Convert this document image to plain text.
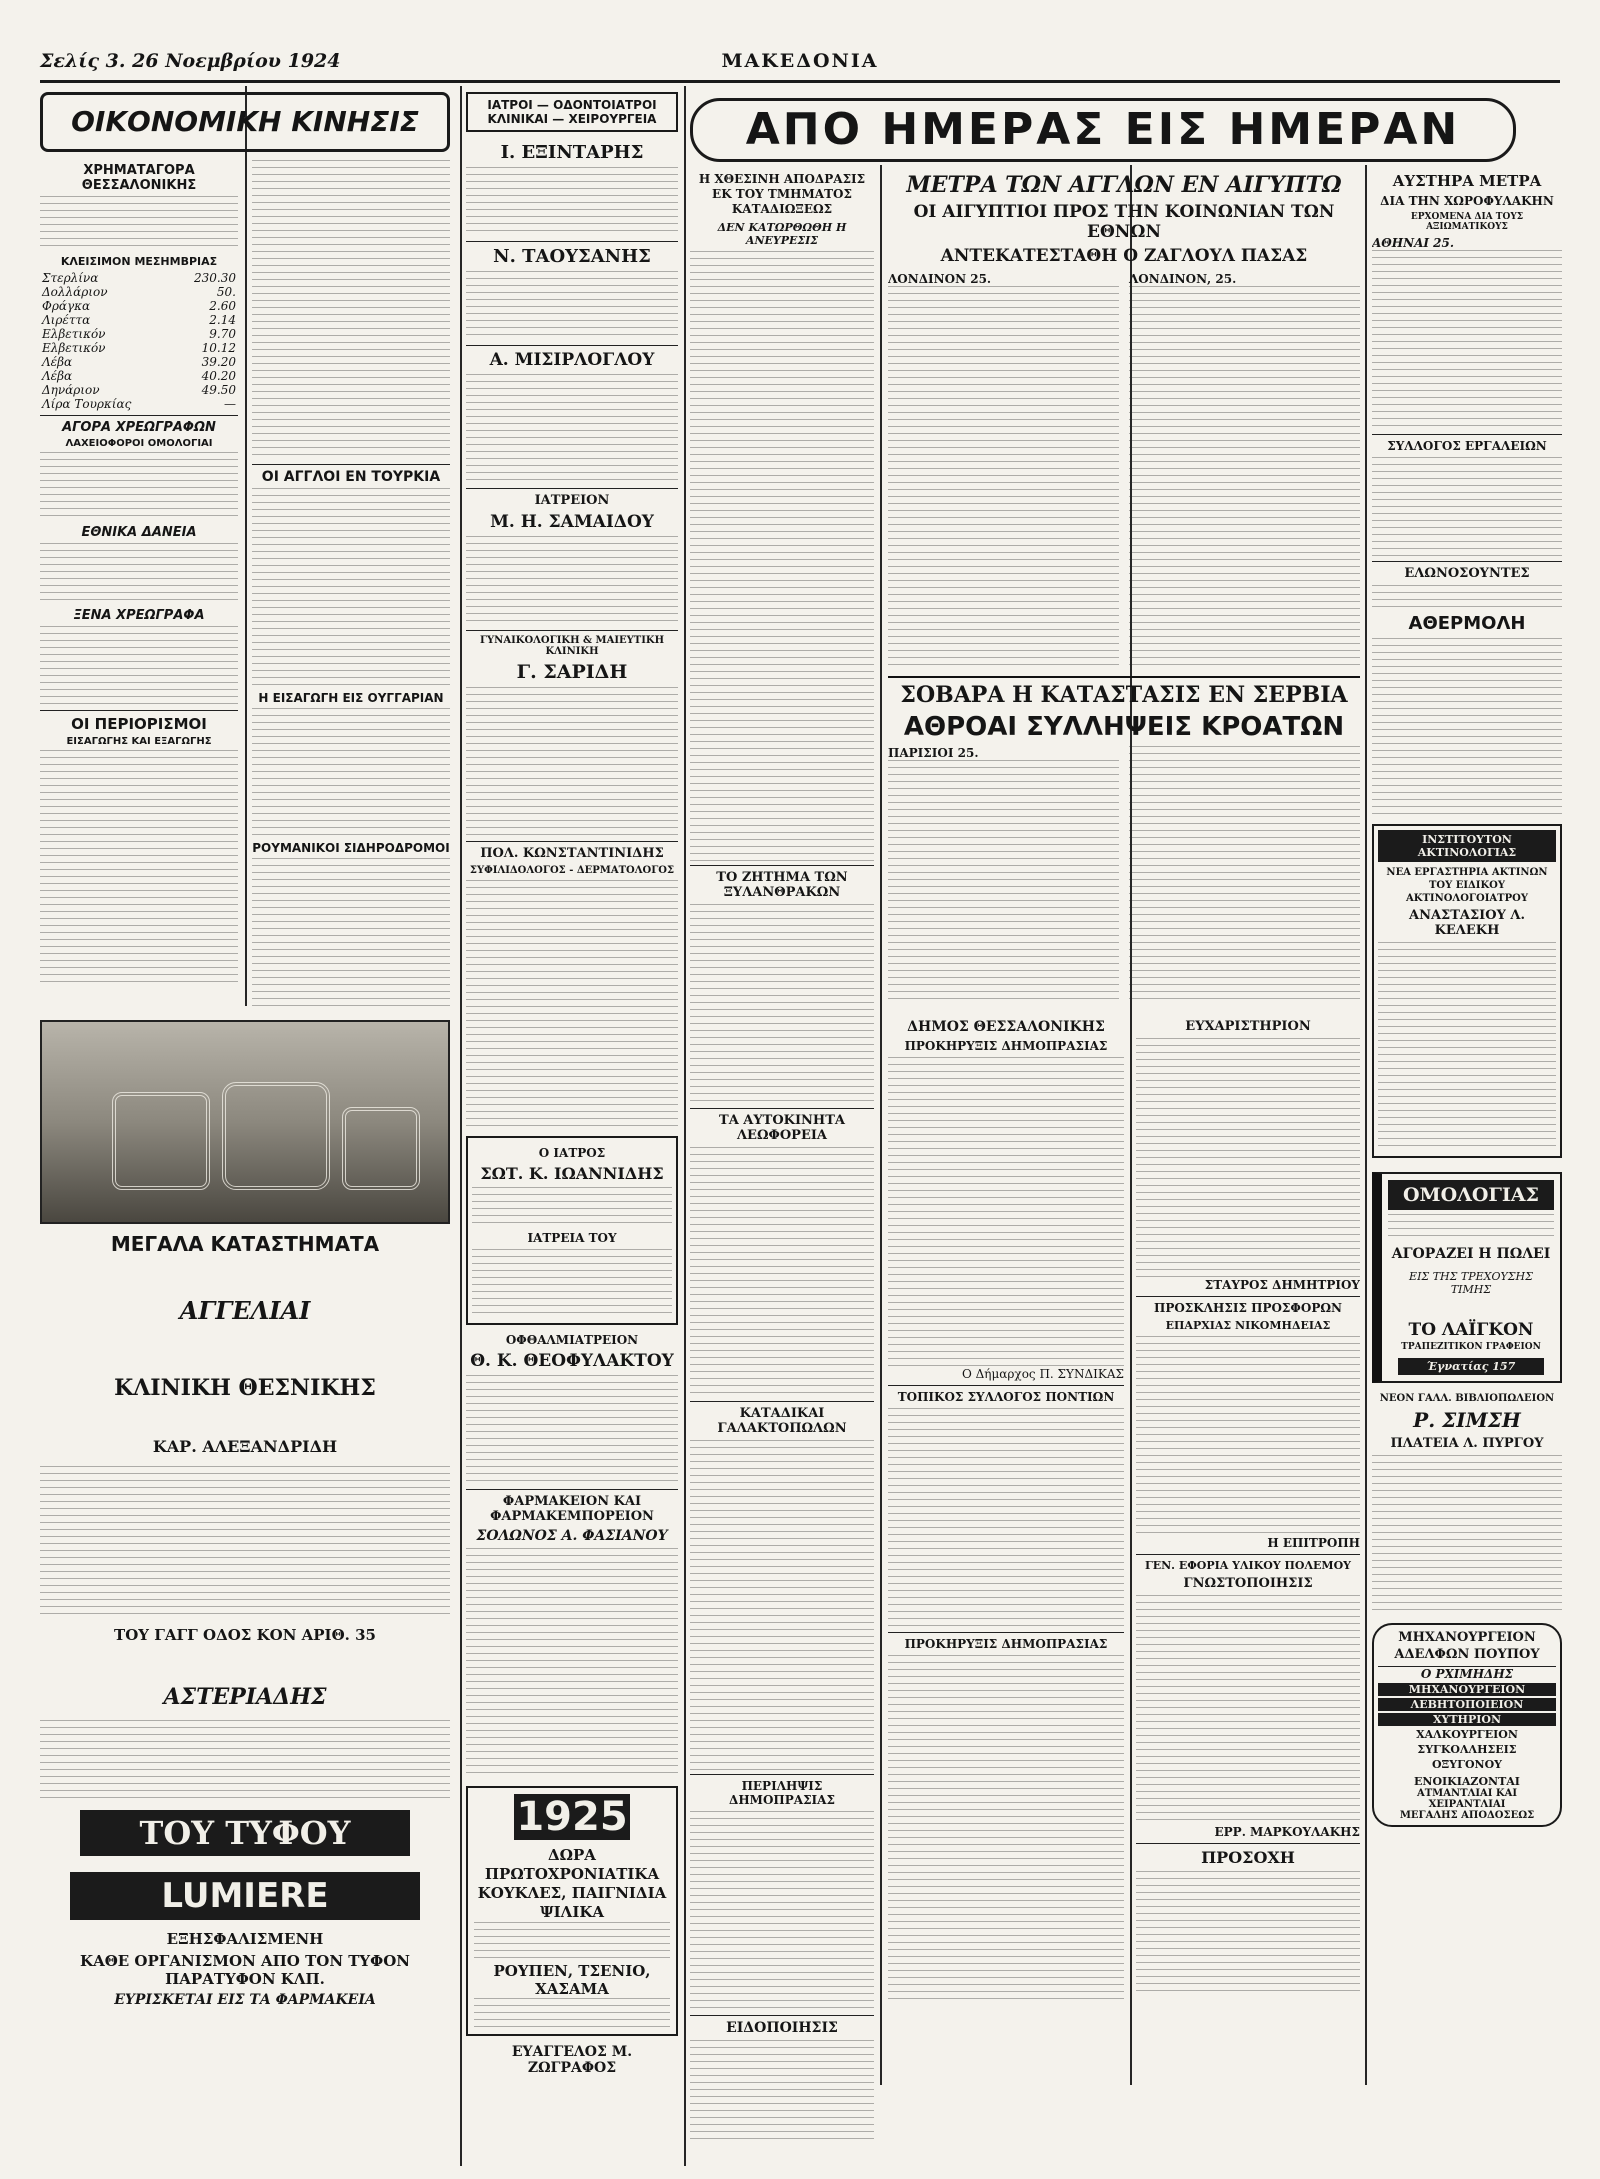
Σελίς 3. 26 Νοεμβρίου 1924	ΜΑΚΕΔΟΝΙΑ
ΟΙΚΟΝΟΜΙΚΗ ΚΙΝΗΣΙΣ
ΧΡΗΜΑΤΑΓΟΡΑ ΘΕΣΣΑΛΟΝΙΚΗΣ
ΚΛΕΙΣΙΜΟΝ ΜΕΣΗΜΒΡΙΑΣ
Στερλίνα	230.30
Δολλάριον	50.
Φράγκα	2.60
Λιρέττα	2.14
Ελβετικόν	9.70
Ελβετικόν	10.12
Λέβα	39.20
Λέβα	40.20
Δηνάριον	49.50
Λίρα Τουρκίας	—
ΑΓΟΡΑ ΧΡΕΩΓΡΑΦΩΝ
ΛΑΧΕΙΟΦΟΡΟΙ ΟΜΟΛΟΓΙΑΙ
ΕΘΝΙΚΑ ΔΑΝΕΙΑ
ΞΕΝΑ ΧΡΕΩΓΡΑΦΑ
ΟΙ ΠΕΡΙΟΡΙΣΜΟΙ
ΕΙΣΑΓΩΓΗΣ ΚΑΙ ΕΞΑΓΩΓΗΣ
ΟΙ ΑΓΓΛΟΙ ΕΝ ΤΟΥΡΚΙΑ
Η ΕΙΣΑΓΩΓΗ ΕΙΣ ΟΥΓΓΑΡΙΑΝ
ΡΟΥΜΑΝΙΚΟΙ ΣΙΔΗΡΟΔΡΟΜΟΙ
ΜΕΓΑΛΑ ΚΑΤΑΣΤΗΜΑΤΑ
ΑΓΓΕΛΙΑΙ
ΚΛΙΝΙΚΗ ΘΕΣΝΙΚΗΣ
ΚΑΡ. ΑΛΕΞΑΝΔΡΙΔΗ
ΤΟΥ ΓΑΓΓ ΟΔΟΣ ΚΟΝ ΑΡΙΘ. 35
ΑΣΤΕΡΙΑΔΗΣ
ΤΟΥ ΤΥΦΟΥ
LUMIERE
ΕΞΗΣΦΑΛΙΣΜΕΝΗ
ΚΑΘΕ ΟΡΓΑΝΙΣΜΟΝ ΑΠΟ ΤΟΝ ΤΥΦΟΝ ΠΑΡΑΤΥΦΟΝ ΚΛΠ.
ΕΥΡΙΣΚΕΤΑΙ ΕΙΣ ΤΑ ΦΑΡΜΑΚΕΙΑ
ΙΑΤΡΟΙ — ΟΔΟΝΤΟΙΑΤΡΟΙ ΚΛΙΝΙΚΑΙ — ΧΕΙΡΟΥΡΓΕΙΑ
Ι. ΕΞΙΝΤΑΡΗΣ
Ν. ΤΑΟΥΣΑΝΗΣ
Α. ΜΙΣΙΡΛΟΓΛΟΥ
ΙΑΤΡΕΙΟΝ
Μ. Η. ΣΑΜΑΙΔΟΥ
ΓΥΝΑΙΚΟΛΟΓΙΚΗ & ΜΑΙΕΥΤΙΚΗ ΚΛΙΝΙΚΗ
Γ. ΣΑΡΙΔΗ
ΠΟΛ. ΚΩΝΣΤΑΝΤΙΝΙΔΗΣ
ΣΥΦΙΛΙΔΟΛΟΓΟΣ - ΔΕΡΜΑΤΟΛΟΓΟΣ
Ο ΙΑΤΡΟΣ
ΣΩΤ. Κ. ΙΩΑΝΝΙΔΗΣ
ΙΑΤΡΕΙΑ ΤΟΥ
ΟΦΘΑΛΜΙΑΤΡΕΙΟΝ
Θ. Κ. ΘΕΟΦΥΛΑΚΤΟΥ
ΦΑΡΜΑΚΕΙΟΝ ΚΑΙ ΦΑΡΜΑΚΕΜΠΟΡΕΙΟΝ
ΣΟΛΩΝΟΣ Α. ΦΑΣΙΑΝΟΥ
1925
ΔΩΡΑ ΠΡΩΤΟΧΡΟΝΙΑΤΙΚΑ ΚΟΥΚΛΕΣ, ΠΑΙΓΝΙΔΙΑ ΨΙΛΙΚΑ
ΡΟΥΠΕΝ, ΤΣΕΝΙΟ, ΧΑΣΑΜΑ
ΕΥΑΓΓΕΛΟΣ Μ. ΖΩΓΡΑΦΟΣ
ΑΠΟ ΗΜΕΡΑΣ ΕΙΣ ΗΜΕΡΑΝ
Η ΧΘΕΣΙΝΗ ΑΠΟΔΡΑΣΙΣ ΕΚ ΤΟΥ ΤΜΗΜΑΤΟΣ ΚΑΤΑΔΙΩΞΕΩΣ
ΔΕΝ ΚΑΤΩΡΘΩΘΗ Η ΑΝΕΥΡΕΣΙΣ
ΤΟ ΖΗΤΗΜΑ ΤΩΝ ΞΥΛΑΝΘΡΑΚΩΝ
ΤΑ ΑΥΤΟΚΙΝΗΤΑ ΛΕΩΦΟΡΕΙΑ
ΚΑΤΑΔΙΚΑΙ ΓΑΛΑΚΤΟΠΩΛΩΝ
ΠΕΡΙΛΗΨΙΣ ΔΗΜΟΠΡΑΣΙΑΣ
ΕΙΔΟΠΟΙΗΣΙΣ
ΜΕΤΡΑ ΤΩΝ ΑΓΓΛΩΝ ΕΝ ΑΙΓΥΠΤΩ
ΟΙ ΑΙΓΥΠΤΙΟΙ ΠΡΟΣ ΤΗΝ ΚΟΙΝΩΝΙΑΝ ΤΩΝ ΕΘΝΩΝ
ΑΝΤΕΚΑΤΕΣΤΑΘΗ Ο ΖΑΓΛΟΥΛ ΠΑΣΑΣ
ΛΟΝΔΙΝΟΝ 25.	ΛΟΝΔΙΝΟΝ, 25.
ΣΟΒΑΡΑ Η ΚΑΤΑΣΤΑΣΙΣ ΕΝ ΣΕΡΒΙΑ
ΑΘΡΟΑΙ ΣΥΛΛΗΨΕΙΣ ΚΡΟΑΤΩΝ
ΠΑΡΙΣΙΟΙ 25.
ΔΗΜΟΣ ΘΕΣΣΑΛΟΝΙΚΗΣ
ΠΡΟΚΗΡΥΞΙΣ ΔΗΜΟΠΡΑΣΙΑΣ
Ο Δήμαρχος Π. ΣΥΝΔΙΚΑΣ
ΤΟΠΙΚΟΣ ΣΥΛΛΟΓΟΣ ΠΟΝΤΙΩΝ
ΠΡΟΚΗΡΥΞΙΣ ΔΗΜΟΠΡΑΣΙΑΣ
ΕΥΧΑΡΙΣΤΗΡΙΟΝ
ΣΤΑΥΡΟΣ ΔΗΜΗΤΡΙΟΥ
ΠΡΟΣΚΛΗΣΙΣ ΠΡΟΣΦΟΡΩΝ
ΕΠΑΡΧΙΑΣ ΝΙΚΟΜΗΔΕΙΑΣ
Η ΕΠΙΤΡΟΠΗ
ΓΕΝ. ΕΦΟΡΙΑ ΥΛΙΚΟΥ ΠΟΛΕΜΟΥ
ΓΝΩΣΤΟΠΟΙΗΣΙΣ
ΕΡΡ. ΜΑΡΚΟΥΛΑΚΗΣ
ΠΡΟΣΟΧΗ
ΑΥΣΤΗΡΑ ΜΕΤΡΑ
ΔΙΑ ΤΗΝ ΧΩΡΟΦΥΛΑΚΗΝ
ΕΡΧΟΜΕΝΑ ΔΙΑ ΤΟΥΣ ΑΞΙΩΜΑΤΙΚΟΥΣ
ΑΘΗΝΑΙ 25.
ΣΥΛΛΟΓΟΣ ΕΡΓΑΛΕΙΩΝ
ΕΛΩΝΟΣΟΥΝΤΕΣ
ΑΘΕΡΜΟΛΗ
ΙΝΣΤΙΤΟΥΤΟΝ ΑΚΤΙΝΟΛΟΓΙΑΣ
ΝΕΑ ΕΡΓΑΣΤΗΡΙΑ ΑΚΤΙΝΩΝ ΤΟΥ ΕΙΔΙΚΟΥ ΑΚΤΙΝΟΛΟΓΟΙΑΤΡΟΥ
ΑΝΑΣΤΑΣΙΟΥ Λ. ΚΕΛΕΚΗ
ΟΜΟΛΟΓΙΑΣ
ΑΓΟΡΑΖΕΙ Η ΠΩΛΕΙ
ΕΙΣ ΤΗΣ ΤΡΕΧΟΥΣΗΣ ΤΙΜΗΣ
ΤΟ ΛΑΪΓΚΟΝ
ΤΡΑΠΕΖΙΤΙΚΟΝ ΓΡΑΦΕΙΟΝ
Έγνατίας 157
ΝΕΟΝ ΓΑΛΛ. ΒΙΒΛΙΟΠΩΛΕΙΟΝ
Ρ. ΣΙΜΣΗ
ΠΛΑΤΕΙΑ Λ. ΠΥΡΓΟΥ
ΜΗΧΑΝΟΥΡΓΕΙΟΝ ΑΔΕΛΦΩΝ ΠΟΥΠΟΥ
Ο ΡΧΙΜΗΔΗΣ
ΜΗΧΑΝΟΥΡΓΕΙΟΝ
ΛΕΒΗΤΟΠΟΙΕΙΟΝ
ΧΥΤΗΡΙΟΝ
ΧΑΛΚΟΥΡΓΕΙΟΝ
ΣΥΓΚΟΛΛΗΣΕΙΣ
ΟΞΥΓΟΝΟΥ
ΕΝΟΙΚΙΑΖΟΝΤΑΙ
ΑΤΜΑΝΤΛΙΑΙ ΚΑΙ ΧΕΙΡΑΝΤΛΙΑΙ
ΜΕΓΑΛΗΣ ΑΠΟΔΟΣΕΩΣ
